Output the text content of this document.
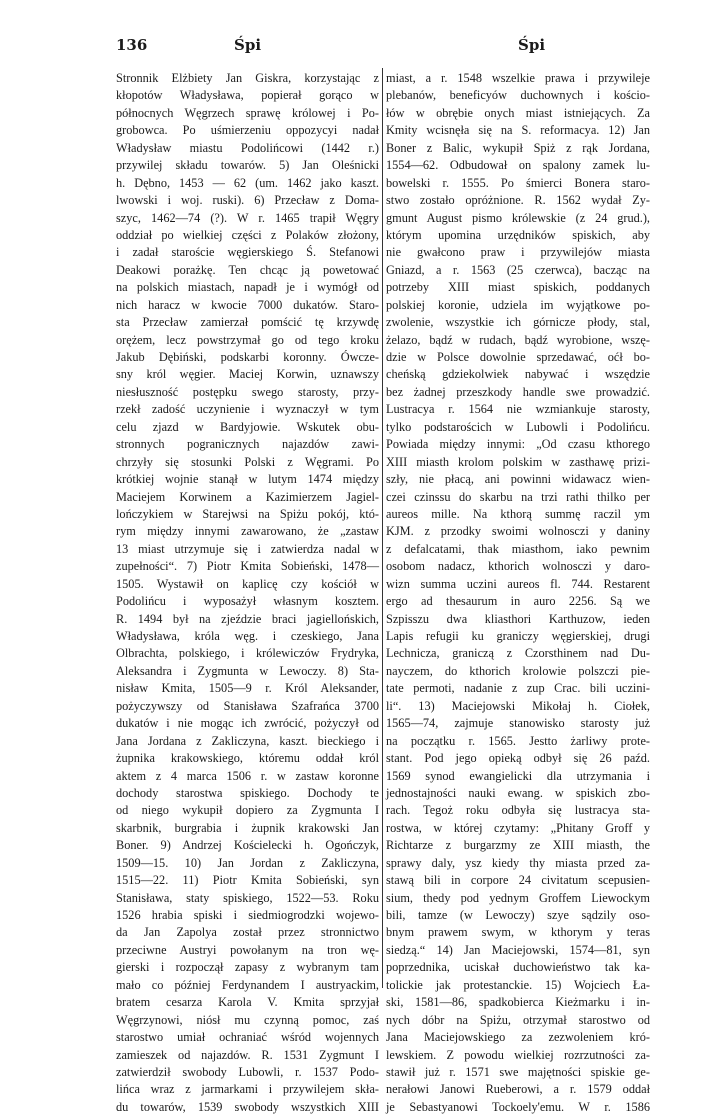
136	Śpi	Śpi
Stronnik Elżbiety Jan Giskra, korzystając z
kłopotów Władysława, popierał gorąco w
północnych Węgrzech sprawę królowej i Po-
grobowca. Po uśmierzeniu oppozycyi nadał
Władysław miastu Podolińcowi (1442 r.)
przywilej składu towarów. 5) Jan Oleśnicki
h. Dębno, 1453 — 62 (um. 1462 jako kaszt.
lwowski i woj. ruski). 6) Przecław z Doma-
szyc, 1462—74 (?). W r. 1465 trapił Węgry
oddział po wielkiej części z Polaków złożony,
i zadał staroście węgierskiego Ś. Stefanowi
Deakowi porażkę. Ten chcąc ją powetować
na polskich miastach, napadł je i wymógł od
nich haracz w kwocie 7000 dukatów. Staro-
sta Przecław zamierzał pomścić tę krzywdę
orężem, lecz powstrzymał go od tego kroku
Jakub Dębiński, podskarbi koronny. Ówcze-
sny król węgier. Maciej Korwin, uznawszy
niesłuszność postępku swego starosty, przy-
rzekł zadość uczynienie i wyznaczył w tym
celu zjazd w Bardyjowie. Wskutek obu-
stronnych pogranicznych najazdów zawi-
chrzyły się stosunki Polski z Węgrami. Po
krótkiej wojnie stanął w lutym 1474 między
Maciejem Korwinem a Kazimierzem Jagiel-
lończykiem w Starejwsi na Spiżu pokój, któ-
rym między innymi zawarowano, że „zastaw
13 miast utrzymuje się i zatwierdza nadal w
zupełności“. 7) Piotr Kmita Sobieński, 1478—
1505. Wystawił on kaplicę czy kościół w
Podolińcu i wyposażył własnym kosztem.
R. 1494 był na zjeździe braci jagiellońskich,
Władysława, króla węg. i czeskiego, Jana
Olbrachta, polskiego, i królewiczów Frydryka,
Aleksandra i Zygmunta w Lewoczy. 8) Sta-
nisław Kmita, 1505—9 r. Król Aleksander,
pożyczywszy od Stanisława Szafrańca 3700
dukatów i nie mogąc ich zwrócić, pożyczył od
Jana Jordana z Zakliczyna, kaszt. bieckiego i
żupnika krakowskiego, któremu oddał król
aktem z 4 marca 1506 r. w zastaw koronne
dochody starostwa spiskiego. Dochody te
od niego wykupił dopiero za Zygmunta I
skarbnik, burgrabia i żupnik krakowski Jan
Boner. 9) Andrzej Kościelecki h. Ogończyk,
1509—15. 10) Jan Jordan z Zakliczyna,
1515—22. 11) Piotr Kmita Sobieński, syn
Stanisława, staty spiskiego, 1522—53. Roku
1526 hrabia spiski i siedmiogrodzki wojewo-
da Jan Zapolya został przez stronnictwo
przeciwne Austryi powołanym na tron wę-
gierski i rozpoczął zapasy z wybranym tam
mało co później Ferdynandem I austryackim,
bratem cesarza Karola V. Kmita sprzyjał
Węgrzynowi, niósł mu czynną pomoc, zaś
starostwo umiał ochraniać wśród wojennych
zamieszek od najazdów. R. 1531 Zygmunt I
zatwierdził swobody Lubowli, r. 1537 Podo-
lińca wraz z jarmarkami i przywilejem skła-
du towarów, 1539 swobody wszystkich XIII
miast, a r. 1548 wszelkie prawa i przywileje
plebanów, beneficyów duchownych i kościo-
łów w obrębie onych miast istniejących. Za
Kmity wcisnęła się na S. reformacya. 12) Jan
Boner z Balic, wykupił Spiż z rąk Jordana,
1554—62. Odbudował on spalony zamek lu-
bowelski r. 1555. Po śmierci Bonera staro-
stwo zostało opróżnione. R. 1562 wydał Zy-
gmunt August pismo królewskie (z 24 grud.),
którym upomina urzędników spiskich, aby
nie gwałcono praw i przywilejów miasta
Gniazd, a r. 1563 (25 czerwca), bacząc na
potrzeby XIII miast spiskich, poddanych
polskiej koronie, udziela im wyjątkowe po-
zwolenie, wszystkie ich górnicze płody, stal,
żelazo, bądź w rudach, bądź wyrobione, wszę-
dzie w Polsce dowolnie sprzedawać, oćł bo-
cheńską gdziekolwiek nabywać i wszędzie
bez żadnej przeszkody handle swe prowadzić.
Lustracya r. 1564 nie wzmiankuje starosty,
tylko podstarościch w Lubowli i Podolińcu.
Powiada między innymi: „Od czasu kthorego
XIII miasth krolom polskim w zasthawę prizi-
szły, nie płacą, ani powinni widawacz wien-
czei czinssu do skarbu na trzi rathi thilko per
aureos mille. Na kthorą summę raczil ym
KJM. z przodky swoimi wolnosczi y daniny
z defalcatami, thak miasthom, iako pewnim
osobom nadacz, kthorich wolnosczi y daro-
wizn summa uczini aureos fl. 744. Restarent
ergo ad thesaurum in auro 2256. Są we
Szpisszu dwa kliasthori Karthuzow, ieden
Lapis refugii ku graniczy węgierskiej, drugi
Lechnicza, graniczą z Czorsthinem nad Du-
nayczem, do kthorich krolowie polszczi pie-
tate permoti, nadanie z zup Crac. bili uczini-
li“. 13) Maciejowski Mikołaj h. Ciołek,
1565—74, zajmuje stanowisko starosty już
na początku r. 1565. Jestto żarliwy prote-
stant. Pod jego opieką odbył się 26 paźd.
1569 synod ewangielicki dla utrzymania i
jednostajności nauki ewang. w spiskich zbo-
rach. Tegoż roku odbyła się lustracya sta-
rostwa, w której czytamy: „Phitany Groff y
Richtarze z burgarzmy ze XIII miasth, the
sprawy daly, ysz kiedy thy miasta przed za-
stawą bili in corpore 24 civitatum scepusien-
sium, thedy pod yednym Groffem Liewockym
bili, tamze (w Lewoczy) szye sądzily oso-
bnym prawem swym, w kthorym y teras
siedzą.“ 14) Jan Maciejowski, 1574—81, syn
poprzednika, uciskał duchowieństwo tak ka-
tolickie jak protestanckie. 15) Wojciech Ła-
ski, 1581—86, spadkobierca Kieżmarku i in-
nych dóbr na Spiżu, otrzymał starostwo od
Jana Maciejowskiego za zezwoleniem kró-
lewskiem. Z powodu wielkiej rozrzutności za-
stawił już r. 1571 swe majętności spiskie ge-
nerałowi Janowi Rueberowi, a r. 1579 oddał
je Sebastyanowi Tockoely'emu. W r. 1586
